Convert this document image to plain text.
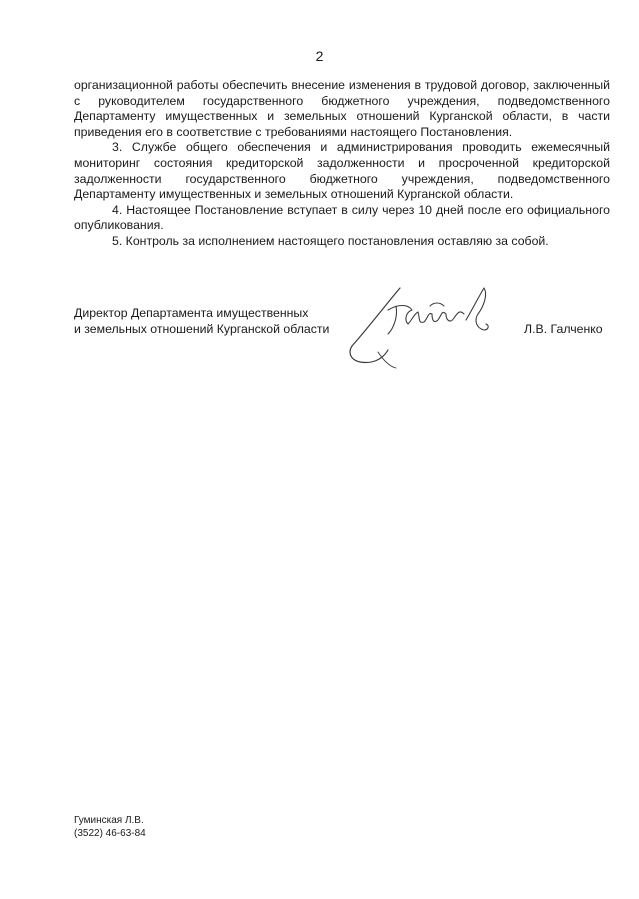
2

организационной работы обеспечить внесение изменения в трудовой договор, заключенный с руководителем государственного бюджетного учреждения, подведомственного Департаменту имущественных и земельных отношений Курганской области, в части приведения его в соответствие с требованиями настоящего Постановления.

3. Службе общего обеспечения и администрирования проводить ежемесячный мониторинг состояния кредиторской задолженности и просроченной кредиторской задолженности государственного бюджетного учреждения, подведомственного Департаменту имущественных и земельных отношений Курганской области.

4. Настоящее Постановление вступает в силу через 10 дней после его официального опубликования.

5. Контроль за исполнением настоящего постановления оставляю за собой.

Директор Департамента имущественных
и земельных отношений Курганской области	Л.В. Галченко
Гуминская Л.В.
(3522) 46-63-84
